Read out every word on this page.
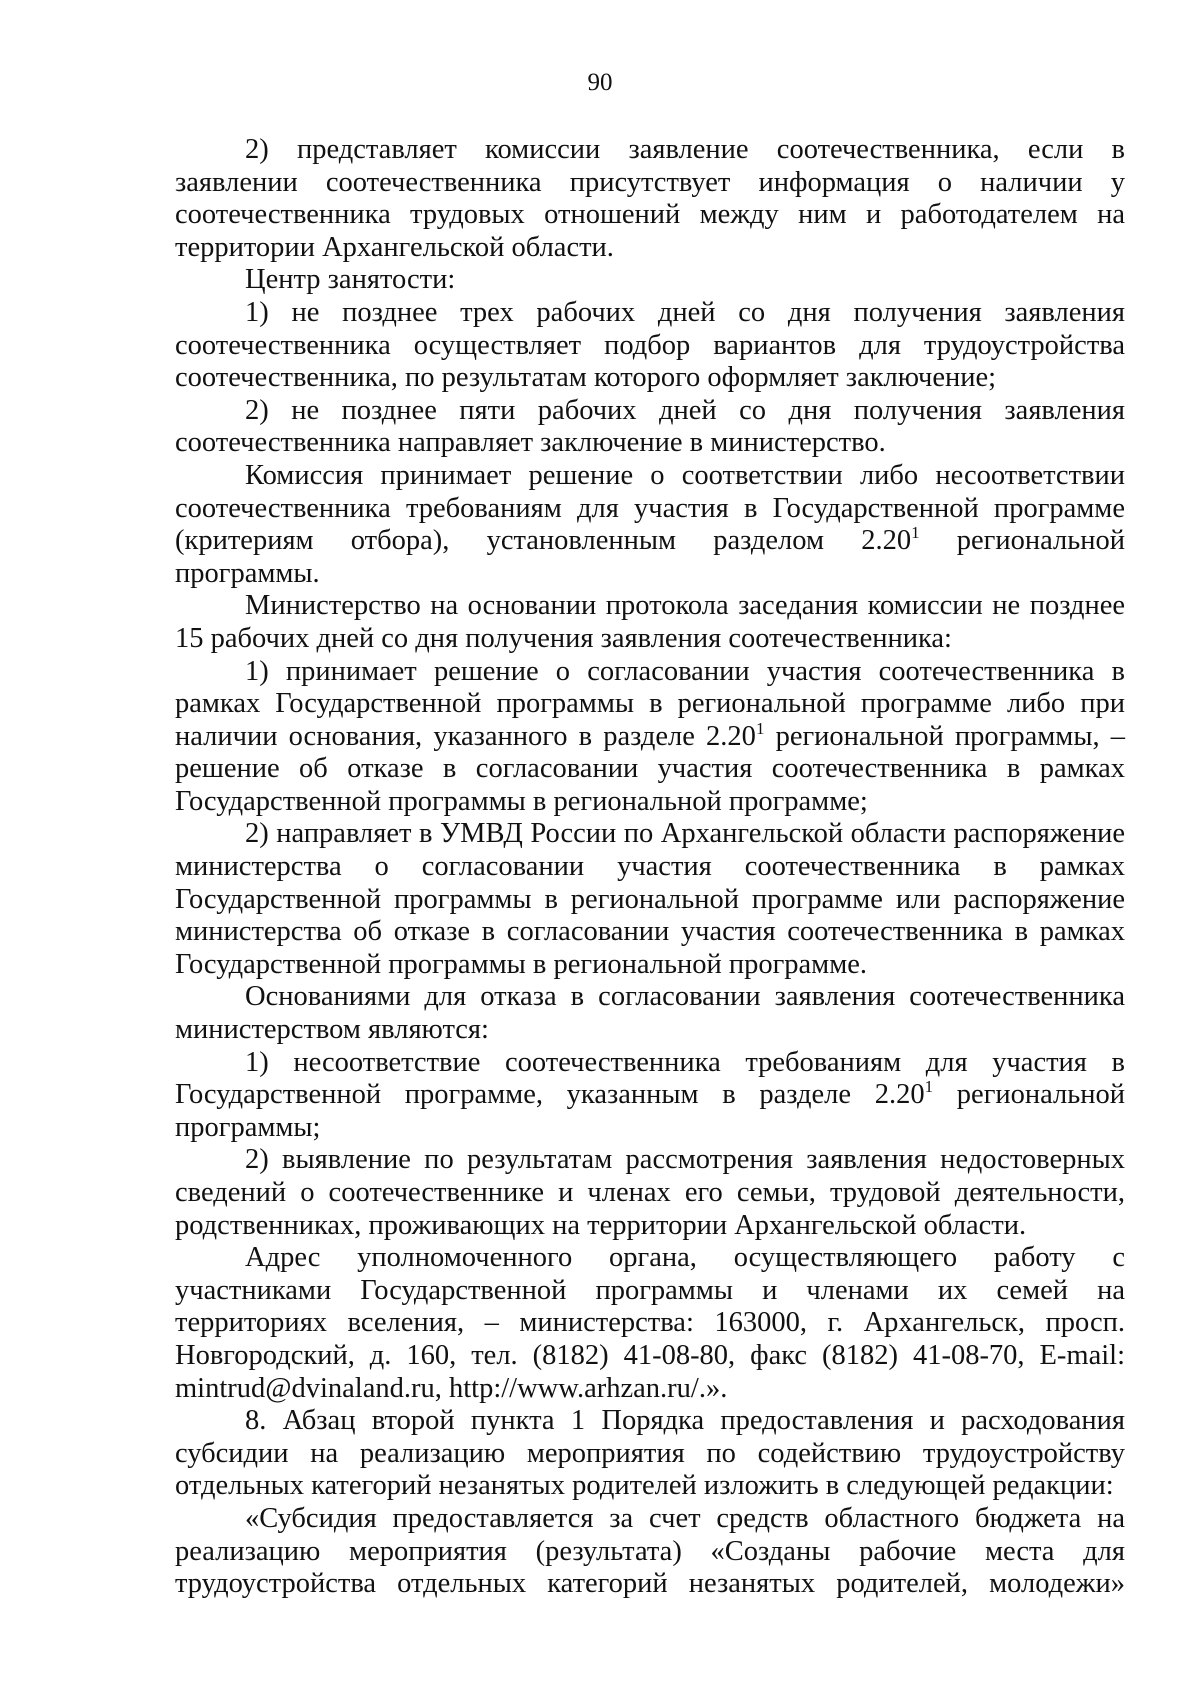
90

2) представляет комиссии заявление соотечественника, если в заявлении соотечественника присутствует информация о наличии у соотечественника трудовых отношений между ним и работодателем на территории Архангельской области.

Центр занятости:

1) не позднее трех рабочих дней со дня получения заявления соотечественника осуществляет подбор вариантов для трудоустройства соотечественника, по результатам которого оформляет заключение;

2) не позднее пяти рабочих дней со дня получения заявления соотечественника направляет заключение в министерство.

Комиссия принимает решение о соответствии либо несоответствии соотечественника требованиям для участия в Государственной программе (критериям отбора), установленным разделом 2.20$^1$ региональной программы.

Министерство на основании протокола заседания комиссии не позднее 15 рабочих дней со дня получения заявления соотечественника:

1) принимает решение о согласовании участия соотечественника в рамках Государственной программы в региональной программе либо при наличии основания, указанного в разделе 2.20$^1$ региональной программы, – решение об отказе в согласовании участия соотечественника в рамках Государственной программы в региональной программе;

2) направляет в УМВД России по Архангельской области распоряжение министерства о согласовании участия соотечественника в рамках Государственной программы в региональной программе или распоряжение министерства об отказе в согласовании участия соотечественника в рамках Государственной программы в региональной программе.

Основаниями для отказа в согласовании заявления соотечественника министерством являются:

1) несоответствие соотечественника требованиям для участия в Государственной программе, указанным в разделе 2.20$^1$ региональной программы;

2) выявление по результатам рассмотрения заявления недостоверных сведений о соотечественнике и членах его семьи, трудовой деятельности, родственниках, проживающих на территории Архангельской области.

Адрес уполномоченного органа, осуществляющего работу с участниками Государственной программы и членами их семей на территориях вселения, – министерства: 163000, г. Архангельск, просп. Новгородский, д. 160, тел. (8182) 41-08-80, факс (8182) 41-08-70, E-mail: mintrud@dvinaland.ru, http://www.arhzan.ru/.».

8. Абзац второй пункта 1 Порядка предоставления и расходования субсидии на реализацию мероприятия по содействию трудоустройству отдельных категорий незанятых родителей изложить в следующей редакции:

«Субсидия предоставляется за счет средств областного бюджета на реализацию мероприятия (результата) «Созданы рабочие места для трудоустройства отдельных категорий незанятых родителей, молодежи»
